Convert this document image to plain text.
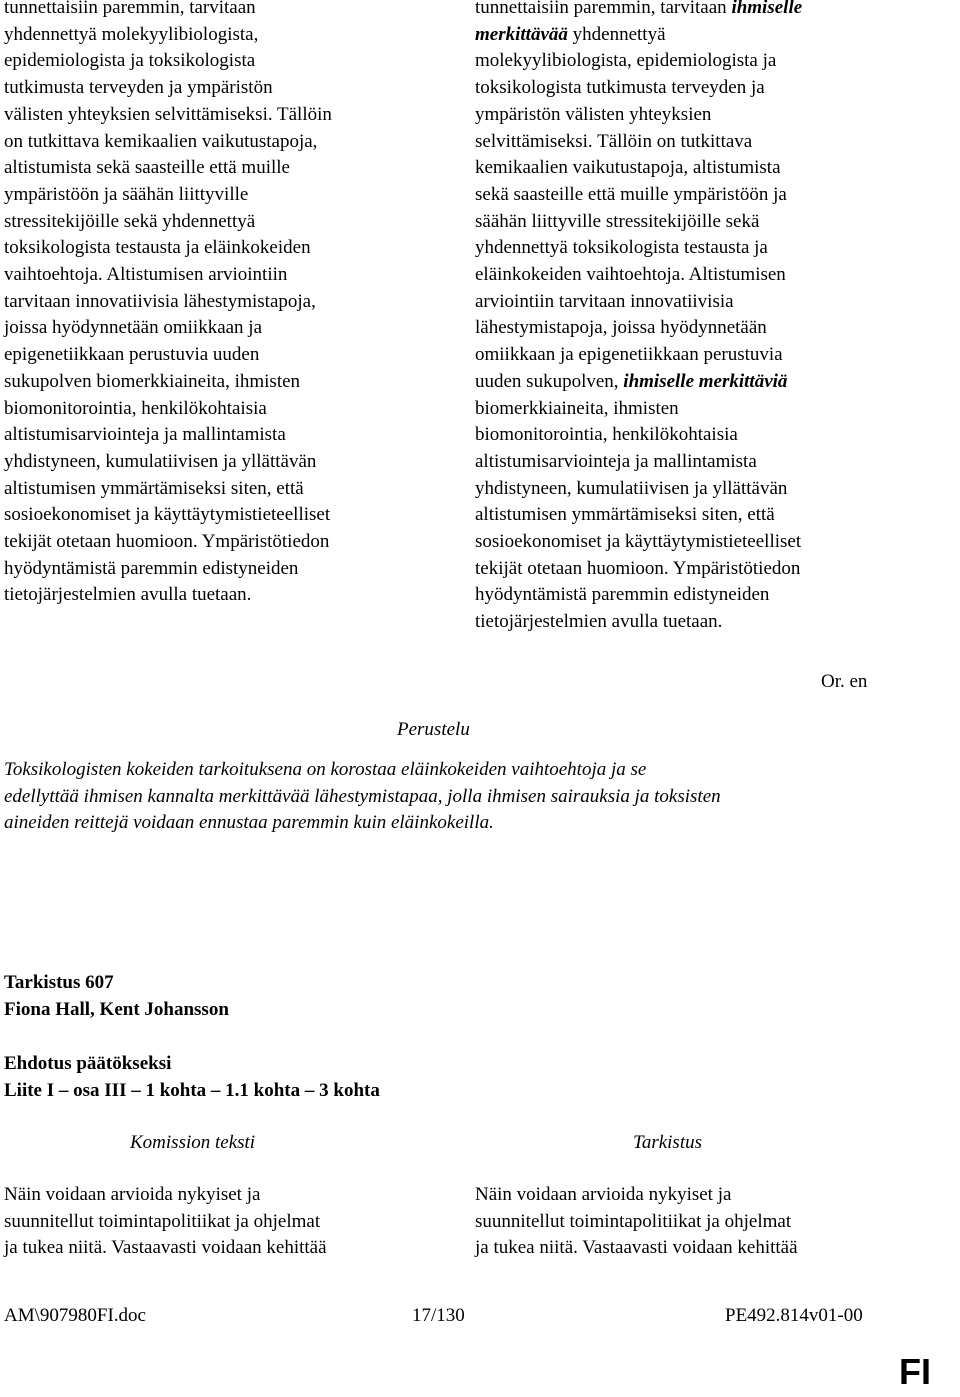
tunnettaisiin paremmin, tarvitaan
yhdennettyä molekyylibiologista,
epidemiologista ja toksikologista
tutkimusta terveyden ja ympäristön
välisten yhteyksien selvittämiseksi. Tällöin
on tutkittava kemikaalien vaikutustapoja,
altistumista sekä saasteille että muille
ympäristöön ja säähän liittyville
stressitekijöille sekä yhdennettyä
toksikologista testausta ja eläinkokeiden
vaihtoehtoja. Altistumisen arviointiin
tarvitaan innovatiivisia lähestymistapoja,
joissa hyödynnetään omiikkaan ja
epigenetiikkaan perustuvia uuden
sukupolven biomerkkiaineita, ihmisten
biomonitorointia, henkilökohtaisia
altistumisarviointeja ja mallintamista
yhdistyneen, kumulatiivisen ja yllättävän
altistumisen ymmärtämiseksi siten, että
sosioekonomiset ja käyttäytymistieteelliset
tekijät otetaan huomioon. Ympäristötiedon
hyödyntämistä paremmin edistyneiden
tietojärjestelmien avulla tuetaan.

tunnettaisiin paremmin, tarvitaan ihmiselle
merkittävää yhdennettyä
molekyylibiologista, epidemiologista ja
toksikologista tutkimusta terveyden ja
ympäristön välisten yhteyksien
selvittämiseksi. Tällöin on tutkittava
kemikaalien vaikutustapoja, altistumista
sekä saasteille että muille ympäristöön ja
säähän liittyville stressitekijöille sekä
yhdennettyä toksikologista testausta ja
eläinkokeiden vaihtoehtoja. Altistumisen
arviointiin tarvitaan innovatiivisia
lähestymistapoja, joissa hyödynnetään
omiikkaan ja epigenetiikkaan perustuvia
uuden sukupolven, ihmiselle merkittäviä
biomerkkiaineita, ihmisten
biomonitorointia, henkilökohtaisia
altistumisarviointeja ja mallintamista
yhdistyneen, kumulatiivisen ja yllättävän
altistumisen ymmärtämiseksi siten, että
sosioekonomiset ja käyttäytymistieteelliset
tekijät otetaan huomioon. Ympäristötiedon
hyödyntämistä paremmin edistyneiden
tietojärjestelmien avulla tuetaan.

Or. en
Perustelu

Toksikologisten kokeiden tarkoituksena on korostaa eläinkokeiden vaihtoehtoja ja se
edellyttää ihmisen kannalta merkittävää lähestymistapaa, jolla ihmisen sairauksia ja toksisten
aineiden reittejä voidaan ennustaa paremmin kuin eläinkokeilla.

Tarkistus 607
Fiona Hall, Kent Johansson
Ehdotus päätökseksi
Liite I – osa III – 1 kohta – 1.1 kohta – 3 kohta
Komission teksti	Tarkistus

Näin voidaan arvioida nykyiset ja
suunnitellut toimintapolitiikat ja ohjelmat
ja tukea niitä. Vastaavasti voidaan kehittää

Näin voidaan arvioida nykyiset ja
suunnitellut toimintapolitiikat ja ohjelmat
ja tukea niitä. Vastaavasti voidaan kehittää

AM\907980FI.doc	17/130	PE492.814v01-00
FI
